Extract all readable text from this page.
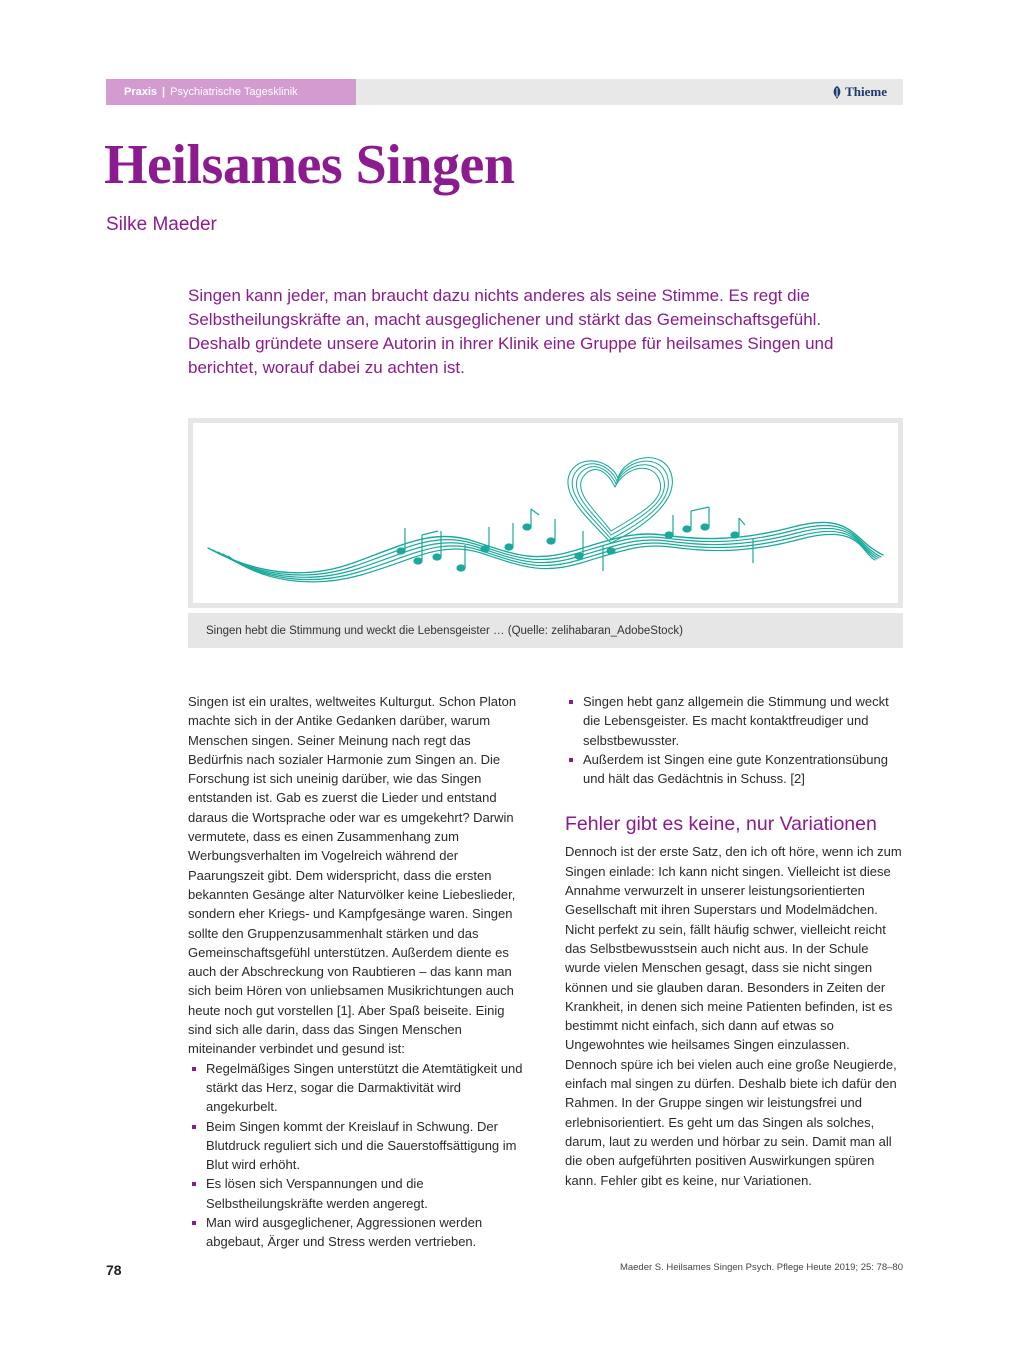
Praxis | Psychiatrische Tagesklinik	Thieme
Heilsames Singen
Silke Maeder

Singen kann jeder, man braucht dazu nichts anderes als seine Stimme. Es regt die Selbstheilungskräfte an, macht ausgeglichener und stärkt das Gemeinschaftsgefühl. Deshalb gründete unsere Autorin in ihrer Klinik eine Gruppe für heilsames Singen und berichtet, worauf dabei zu achten ist.

Singen hebt die Stimmung und weckt die Lebensgeister … (Quelle: zelihabaran_AdobeStock)

Singen ist ein uraltes, weltweites Kulturgut. Schon Platon machte sich in der Antike Gedanken darüber, warum Menschen singen. Seiner Meinung nach regt das Bedürfnis nach sozialer Harmonie zum Singen an. Die Forschung ist sich uneinig darüber, wie das Singen entstanden ist. Gab es zuerst die Lieder und entstand daraus die Wortsprache oder war es umgekehrt? Darwin vermutete, dass es einen Zusammenhang zum Werbungsverhalten im Vogelreich während der Paarungszeit gibt. Dem widerspricht, dass die ersten bekannten Gesänge alter Naturvölker keine Liebeslieder, sondern eher Kriegs- und Kampfgesänge waren. Singen sollte den Gruppenzusammenhalt stärken und das Gemeinschaftsgefühl unterstützen. Außerdem diente es auch der Abschreckung von Raubtieren – das kann man sich beim Hören von unliebsamen Musikrichtungen auch heute noch gut vorstellen [1]. Aber Spaß beiseite. Einig sind sich alle darin, dass das Singen Menschen miteinander verbindet und gesund ist:

Regelmäßiges Singen unterstützt die Atemtätigkeit und stärkt das Herz, sogar die Darmaktivität wird angekurbelt.
Beim Singen kommt der Kreislauf in Schwung. Der Blutdruck reguliert sich und die Sauerstoffsättigung im Blut wird erhöht.
Es lösen sich Verspannungen und die Selbstheilungskräfte werden angeregt.
Man wird ausgeglichener, Aggressionen werden abgebaut, Ärger und Stress werden vertrieben.
Singen hebt ganz allgemein die Stimmung und weckt die Lebensgeister. Es macht kontaktfreudiger und selbstbewusster.
Außerdem ist Singen eine gute Konzentrationsübung und hält das Gedächtnis in Schuss. [2]
Fehler gibt es keine, nur Variationen

Dennoch ist der erste Satz, den ich oft höre, wenn ich zum Singen einlade: Ich kann nicht singen. Vielleicht ist diese Annahme verwurzelt in unserer leistungsorientierten Gesellschaft mit ihren Superstars und Modelmädchen. Nicht perfekt zu sein, fällt häufig schwer, vielleicht reicht das Selbstbewusstsein auch nicht aus. In der Schule wurde vielen Menschen gesagt, dass sie nicht singen können und sie glauben daran. Besonders in Zeiten der Krankheit, in denen sich meine Patienten befinden, ist es bestimmt nicht einfach, sich dann auf etwas so Ungewohntes wie heilsames Singen einzulassen. Dennoch spüre ich bei vielen auch eine große Neugierde, einfach mal singen zu dürfen. Deshalb biete ich dafür den Rahmen. In der Gruppe singen wir leistungsfrei und erlebnisorientiert. Es geht um das Singen als solches, darum, laut zu werden und hörbar zu sein. Damit man all die oben aufgeführten positiven Auswirkungen spüren kann. Fehler gibt es keine, nur Variationen.

78	Maeder S. Heilsames Singen Psych. Pflege Heute 2019; 25: 78–80
